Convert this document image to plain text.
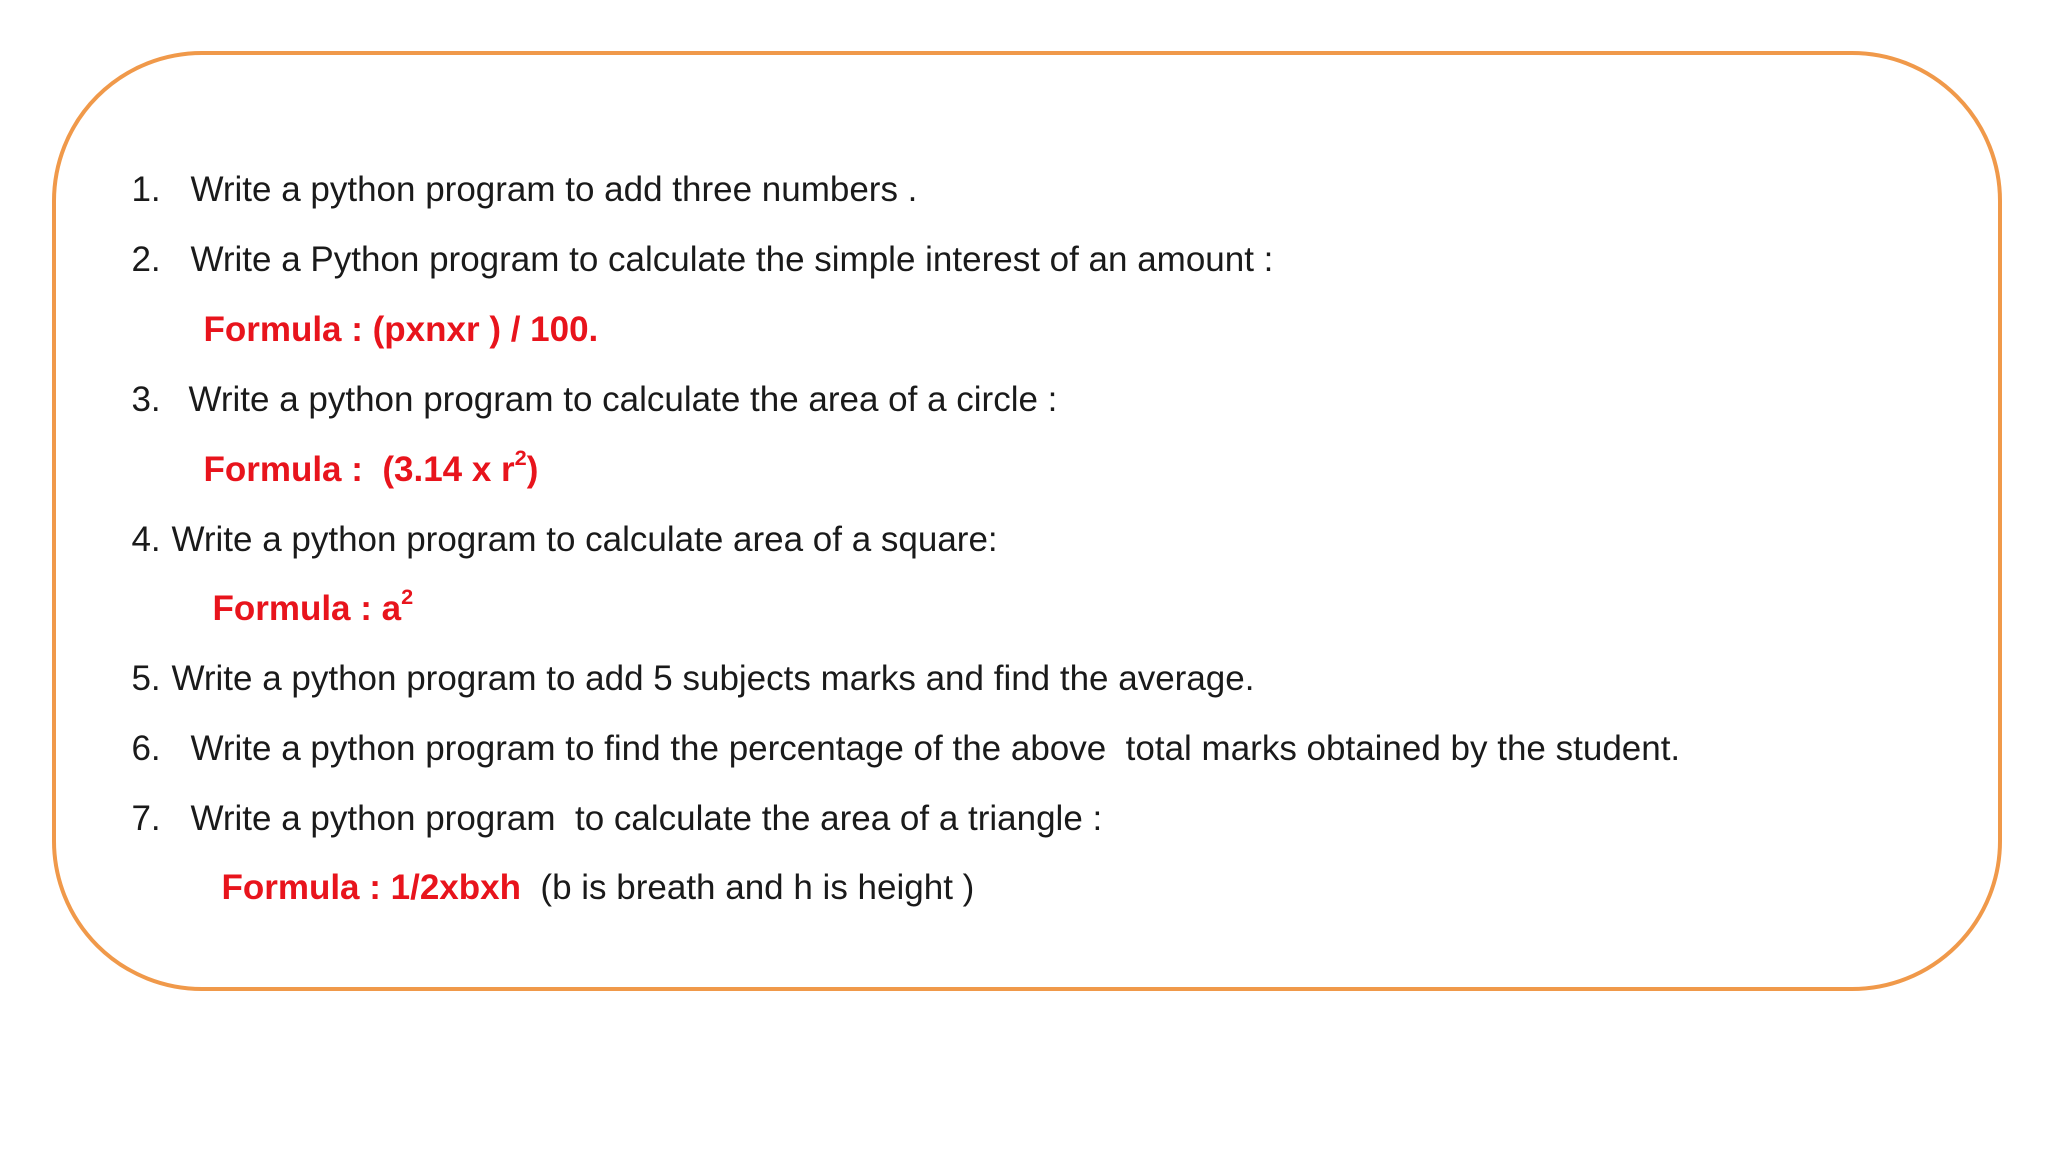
1. Write a python program to add three numbers .

2. Write a Python program to calculate the simple interest of an amount :

Formula : (pxnxr ) / 100.

3. Write a python program to calculate the area of a circle :

Formula :  (3.14 x $r^2$)

4. Write a python program to calculate area of a square:

Formula : $a^2$

5. Write a python program to add 5 subjects marks and find the average.

6. Write a python program to find the percentage of the above  total marks obtained by the student.

7. Write a python program  to calculate the area of a triangle :

Formula : 1/2xbxh  (b is breath and h is height )
